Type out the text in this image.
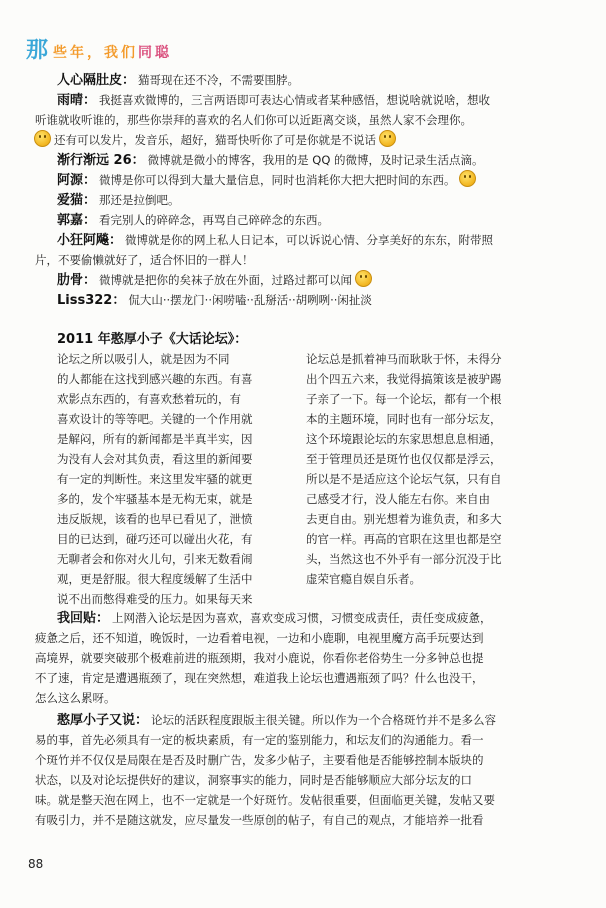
那 些年，我们同聪
人心隔肚皮： 猫哥现在还不冷，不需要围脖。
雨晴： 我挺喜欢微博的，三言两语即可表达心情或者某种感悟，想说啥就说啥，想收
听谁就收听谁的，那些你崇拜的喜欢的名人们你可以近距离交谈，虽然人家不会理你。
还有可以发片，发音乐，超好，猫哥快听你了可是你就是不说话
渐行渐远 26： 微博就是微小的博客，我用的是 QQ 的微博，及时记录生活点滴。
阿源： 微博是你可以得到大量大量信息，同时也消耗你大把大把时间的东西。
爱猫： 那还是拉倒吧。
郭嘉： 看完别人的碎碎念，再骂自己碎碎念的东西。
小狂阿飚： 微博就是你的网上私人日记本，可以诉说心情、分享美好的东东，附带照
片，不要偷懒就好了，适合怀旧的一群人！
肋骨： 微博就是把你的矣袜子放在外面，过路过都可以闻
Liss322： 侃大山··摆龙门··闲唠嗑··乱掰活··胡咧咧··闲扯淡
2011 年憨厚小子《大话论坛》：
论坛之所以吸引人，就是因为不同
的人都能在这找到感兴趣的东西。有喜
欢影点东西的，有喜欢愁着玩的，有
喜欢设计的等等吧。关键的一个作用就
是解闷，所有的新闻都是半真半实，因
为没有人会对其负责，看这里的新闻要
有一定的判断性。来这里发牢骚的就更
多的，发个牢骚基本是无构无束，就是
违反版规，该看的也早已看见了，泄愤
目的已达到，碰巧还可以碰出火花，有
无聊者会和你对火儿句，引来无数看闹
观，更是舒服。很大程度缓解了生活中
说不出而憋得难受的压力。如果每天来
论坛总是抓着神马而耿耿于怀，未得分
出个四五六来，我觉得搞策该是被驴踢
子亲了一下。每一个论坛，都有一个根
本的主题环境，同时也有一部分坛友，
这个环境跟论坛的东家思想息息相通，
至于管理员还是斑竹也仅仅都是浮云，
所以是不是适应这个论坛气氛，只有自
己感受才行，没人能左右你。来自由
去更自由。别光想着为谁负责，和多大
的官一样。再高的官职在这里也都是空
头，当然这也不外乎有一部分沉没于比
虚荣官瘾自娱自乐者。
我回贴： 上网潜入论坛是因为喜欢，喜欢变成习惯，习惯变成责任，责任变成疲惫，
疲惫之后，还不知道，晚饭时，一边看着电视，一边和小鹿聊，电视里魔方高手玩要达到
高境界，就要突破那个极难前进的瓶颈期，我对小鹿说，你看你老俗势生一分多钟总也提
不了速，肯定是遭遇瓶颈了，现在突然想，难道我上论坛也遭遇瓶颈了吗？什么也没干，
怎么这么累呀。
憨厚小子又说： 论坛的活跃程度跟版主很关键。所以作为一个合格斑竹并不是多么容
易的事，首先必须具有一定的板块素质，有一定的鉴别能力，和坛友们的沟通能力。看一
个斑竹并不仅仅是局限在是否及时删广告，发多少帖子，主要看他是否能够控制本版块的
状态，以及对论坛提供好的建议，洞察事实的能力，同时是否能够顺应大部分坛友的口
味。就是整天泡在网上，也不一定就是一个好斑竹。发帖很重要，但面临更关键，发帖又要
有吸引力，并不是随这就发，应尽量发一些原创的帖子，有自己的观点，才能培养一批看
88
